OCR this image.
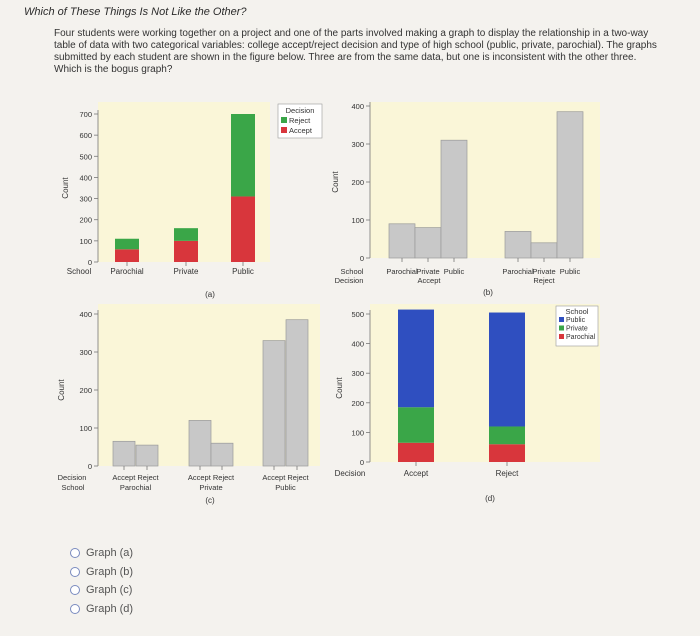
Which of These Things Is Not Like the Other?
Four students were working together on a project and one of the parts involved making a graph to display the relationship in a two-way table of data with two categorical variables: college accept/reject decision and type of high school (public, private, parochial). The graphs submitted by each student are shown in the figure below. Three are from the same data, but one is inconsistent with the other three. Which is the bogus graph?
0
100
200
300
400
500
600
700
Count
Parochial	Private	Public
School
(a)
Decision
Reject
Accept
0
100
200
300
400
Count
Parochial
Private Public
Accept
Parochial
Private Public
Reject
School
Decision
(b)
0
100
200
300
400
Count
Accept Reject
Parochial
Accept Reject
Private
Accept Reject
Public
Decision
School
(c)
0
100
200
300
400
500
Count
Accept	Reject
Decision
(d)
School
Public
Private
Parochial
Graph (a)
Graph (b)
Graph (c)
Graph (d)
